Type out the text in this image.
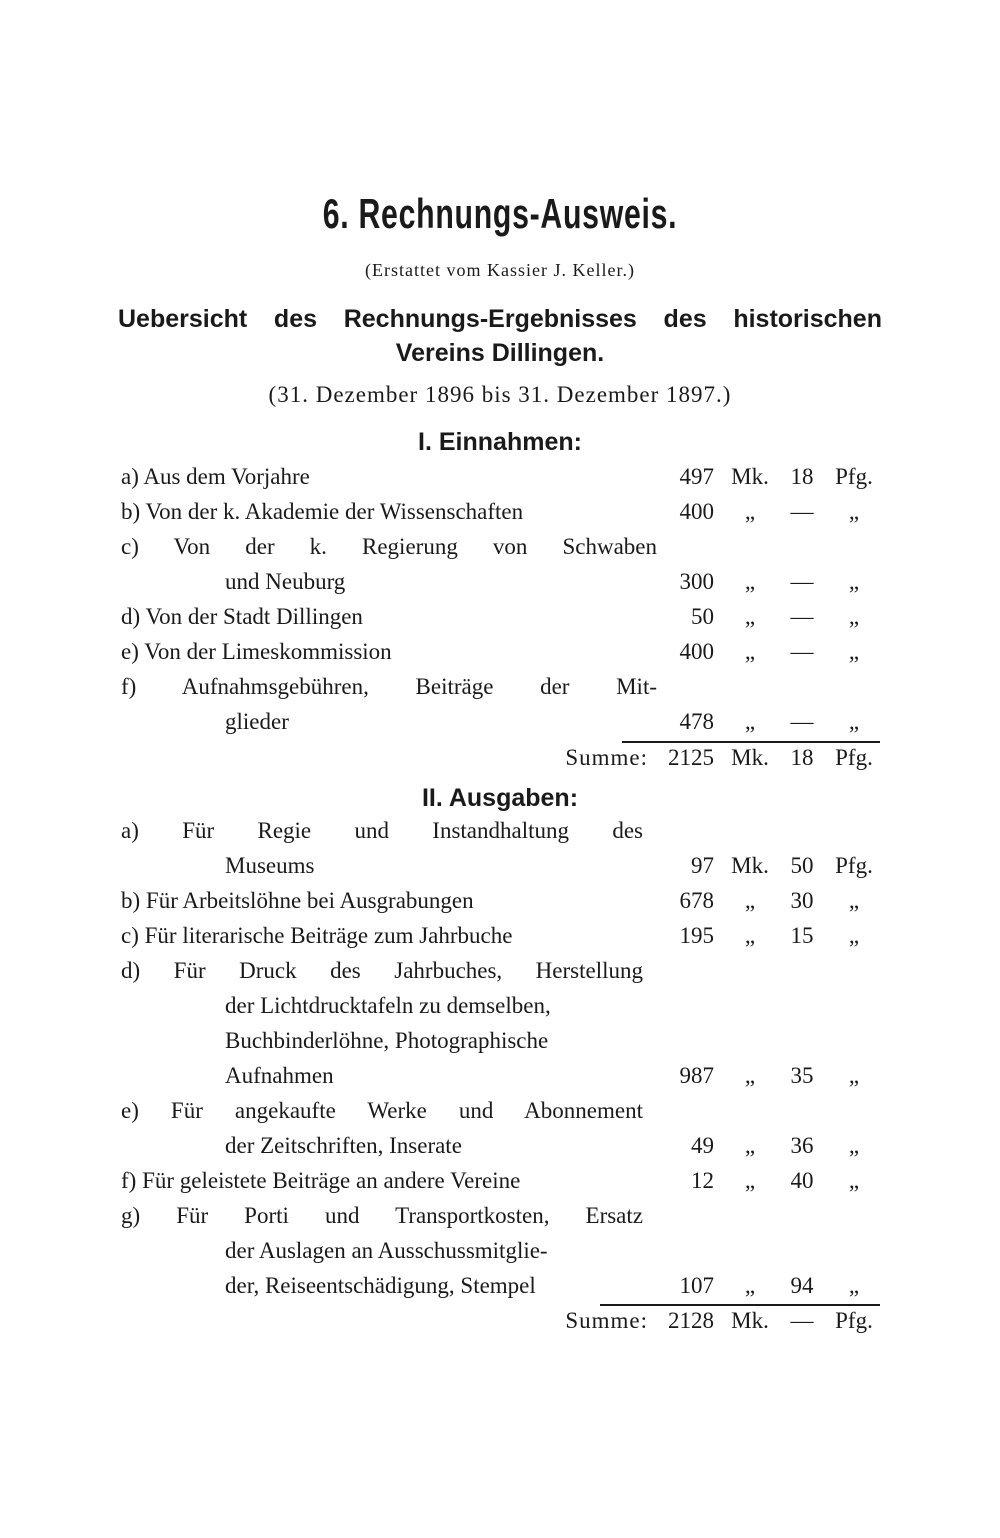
6. Rechnungs-Ausweis.
(Erstattet vom Kassier J. Keller.)
Uebersicht des Rechnungs-Ergebnisses des historischen
Vereins Dillingen.
(31. Dezember 1896 bis 31. Dezember 1897.)
I. Einnahmen:
a) Aus dem Vorjahre	497 Mk. 18 Pfg.
b) Von der k. Akademie der Wissenschaften	400	„	—	„
c) Von der k. Regierung von Schwaben
und Neuburg	300	„	—	„
d) Von der Stadt Dillingen	50	„	—	„
e) Von der Limeskommission	400	„	—	„
f) Aufnahmsgebühren, Beiträge der Mit-
glieder	478	„	—	„
Summe: 2125 Mk. 18 Pfg.
II. Ausgaben:
a) Für Regie und Instandhaltung des
Museums	97 Mk. 50 Pfg.
b) Für Arbeitslöhne bei Ausgrabungen	678	„	30	„
c) Für literarische Beiträge zum Jahrbuche	195	„	15	„
d) Für Druck des Jahrbuches, Herstellung
der Lichtdrucktafeln zu demselben,
Buchbinderlöhne, Photographische
Aufnahmen	987	„	35	„
e) Für angekaufte Werke und Abonnement
der Zeitschriften, Inserate	49	„	36	„
f) Für geleistete Beiträge an andere Vereine	12	„	40	„
g) Für Porti und Transportkosten, Ersatz
der Auslagen an Ausschussmitglie-
der, Reiseentschädigung, Stempel	107	„	94	„
Summe: 2128 Mk. — Pfg.
